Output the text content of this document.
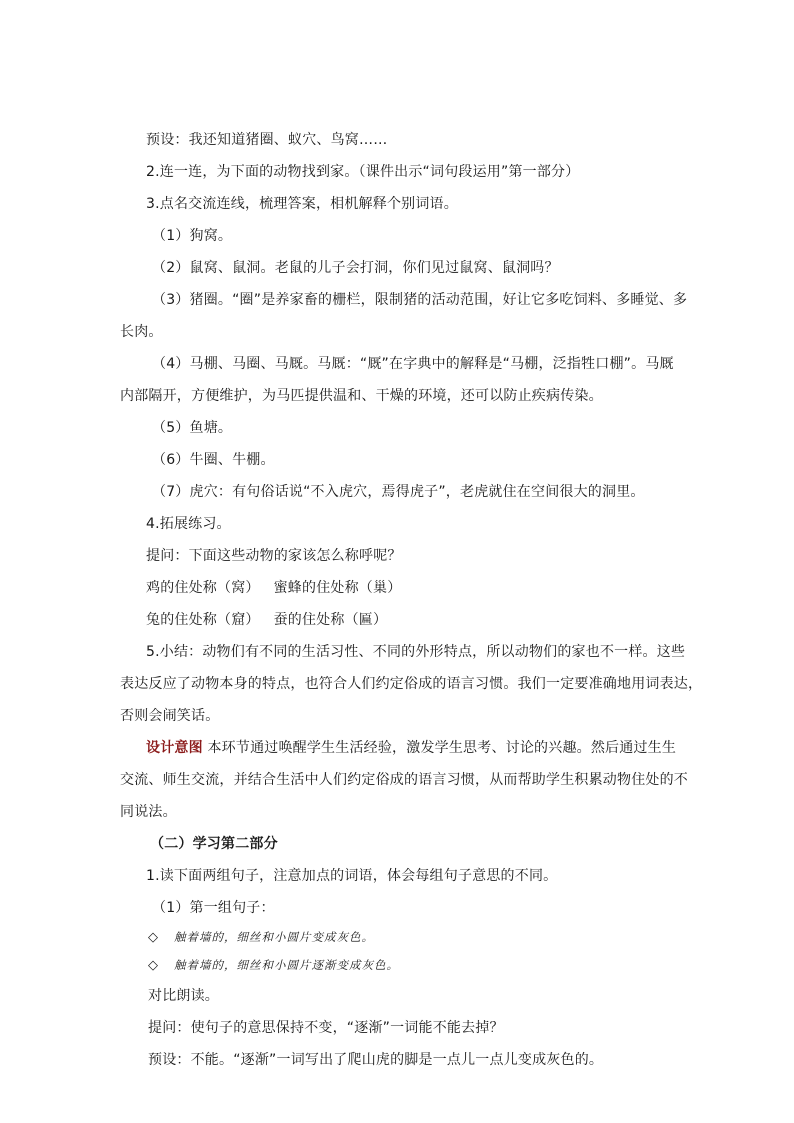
预设：我还知道猪圈、蚁穴、鸟窝……
2.连一连，为下面的动物找到家。（课件出示“词句段运用”第一部分）
3.点名交流连线，梳理答案，相机解释个别词语。
（1）狗窝。
（2）鼠窝、鼠洞。老鼠的儿子会打洞，你们见过鼠窝、鼠洞吗？
（3）猪圈。“圈”是养家畜的栅栏，限制猪的活动范围，好让它多吃饲料、多睡觉、多
长肉。
（4）马棚、马圈、马厩。马厩：“厩”在字典中的解释是“马棚，泛指牲口棚”。马厩
内部隔开，方便维护，为马匹提供温和、干燥的环境，还可以防止疾病传染。
（5）鱼塘。
（6）牛圈、牛棚。
（7）虎穴：有句俗话说“不入虎穴，焉得虎子”，老虎就住在空间很大的洞里。
4.拓展练习。
提问：下面这些动物的家该怎么称呼呢？
鸡的住处称（窝） 蜜蜂的住处称（巢）
兔的住处称（窟） 蚕的住处称（匾）
5.小结：动物们有不同的生活习性、不同的外形特点，所以动物们的家也不一样。这些
表达反应了动物本身的特点，也符合人们约定俗成的语言习惯。我们一定要准确地用词表达，
否则会闹笑话。
设计意图 本环节通过唤醒学生生活经验，激发学生思考、讨论的兴趣。然后通过生生
交流、师生交流，并结合生活中人们约定俗成的语言习惯，从而帮助学生积累动物住处的不
同说法。
（二）学习第二部分
1.读下面两组句子，注意加点的词语，体会每组句子意思的不同。
（1）第一组句子：
◇ 触着墙的，细丝和小圆片变成灰色。
◇ 触着墙的，细丝和小圆片逐渐变成灰色。
对比朗读。
提问：使句子的意思保持不变，“逐渐”一词能不能去掉？
预设：不能。“逐渐”一词写出了爬山虎的脚是一点儿一点儿变成灰色的。
